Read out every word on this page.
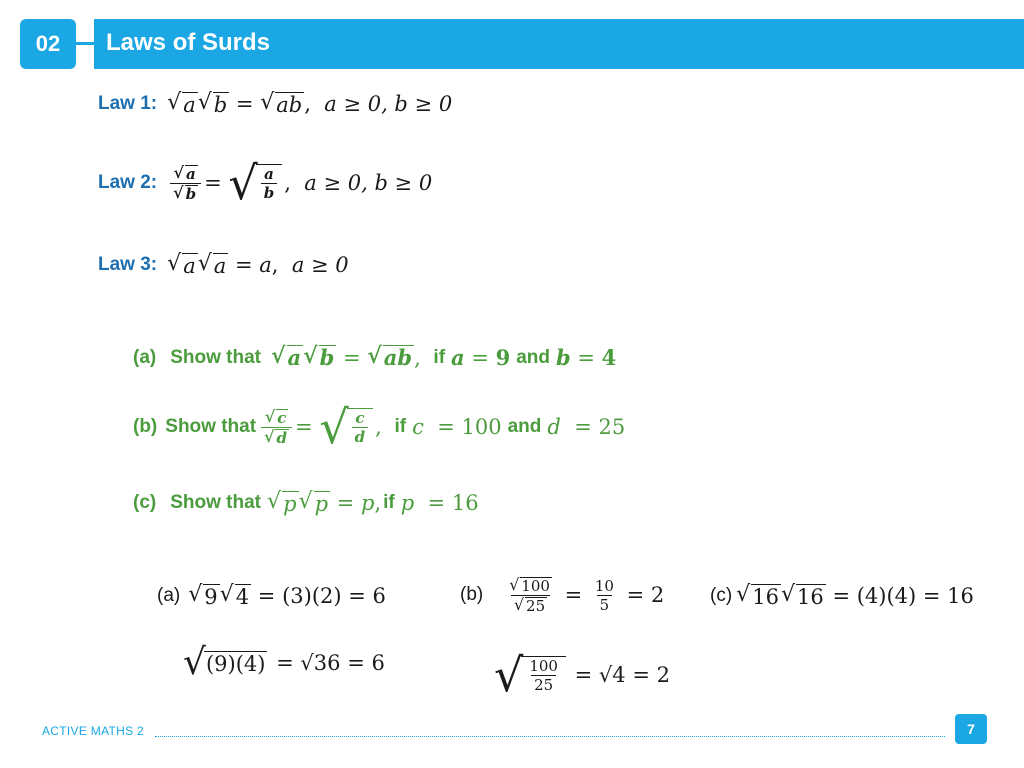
02	Laws of Surds
Law 1: √ a √ b = √ ab , a ≥ 0, b ≥ 0
Law 2: $\frac{√ a}{√ b}$ = √ $\frac{a}{b}$ , a ≥ 0, b ≥ 0
Law 3: √ a √ a = a , a ≥ 0
(a) Show that √ a √ b = √ ab , if a = 9 and b = 4
(b) Show that $\frac{√ c}{√ d}$ = √ $\frac{c}{d}$ , if c = 100 and d = 25
(c) Show that √ p √ p = p , if p = 16
(a) √ 9 √ 4
= (3)(2) = 6
√ (9)(4)
= √36 = 6
$(b) \frac{√ 100}{√ 25} = \frac{10}{5}$
= 2
√ $\frac{100}{25}$
= √4 = 2
(c) √ 16 √ 16
= (4)(4) = 16
ACTIVE MATHS 2	7
